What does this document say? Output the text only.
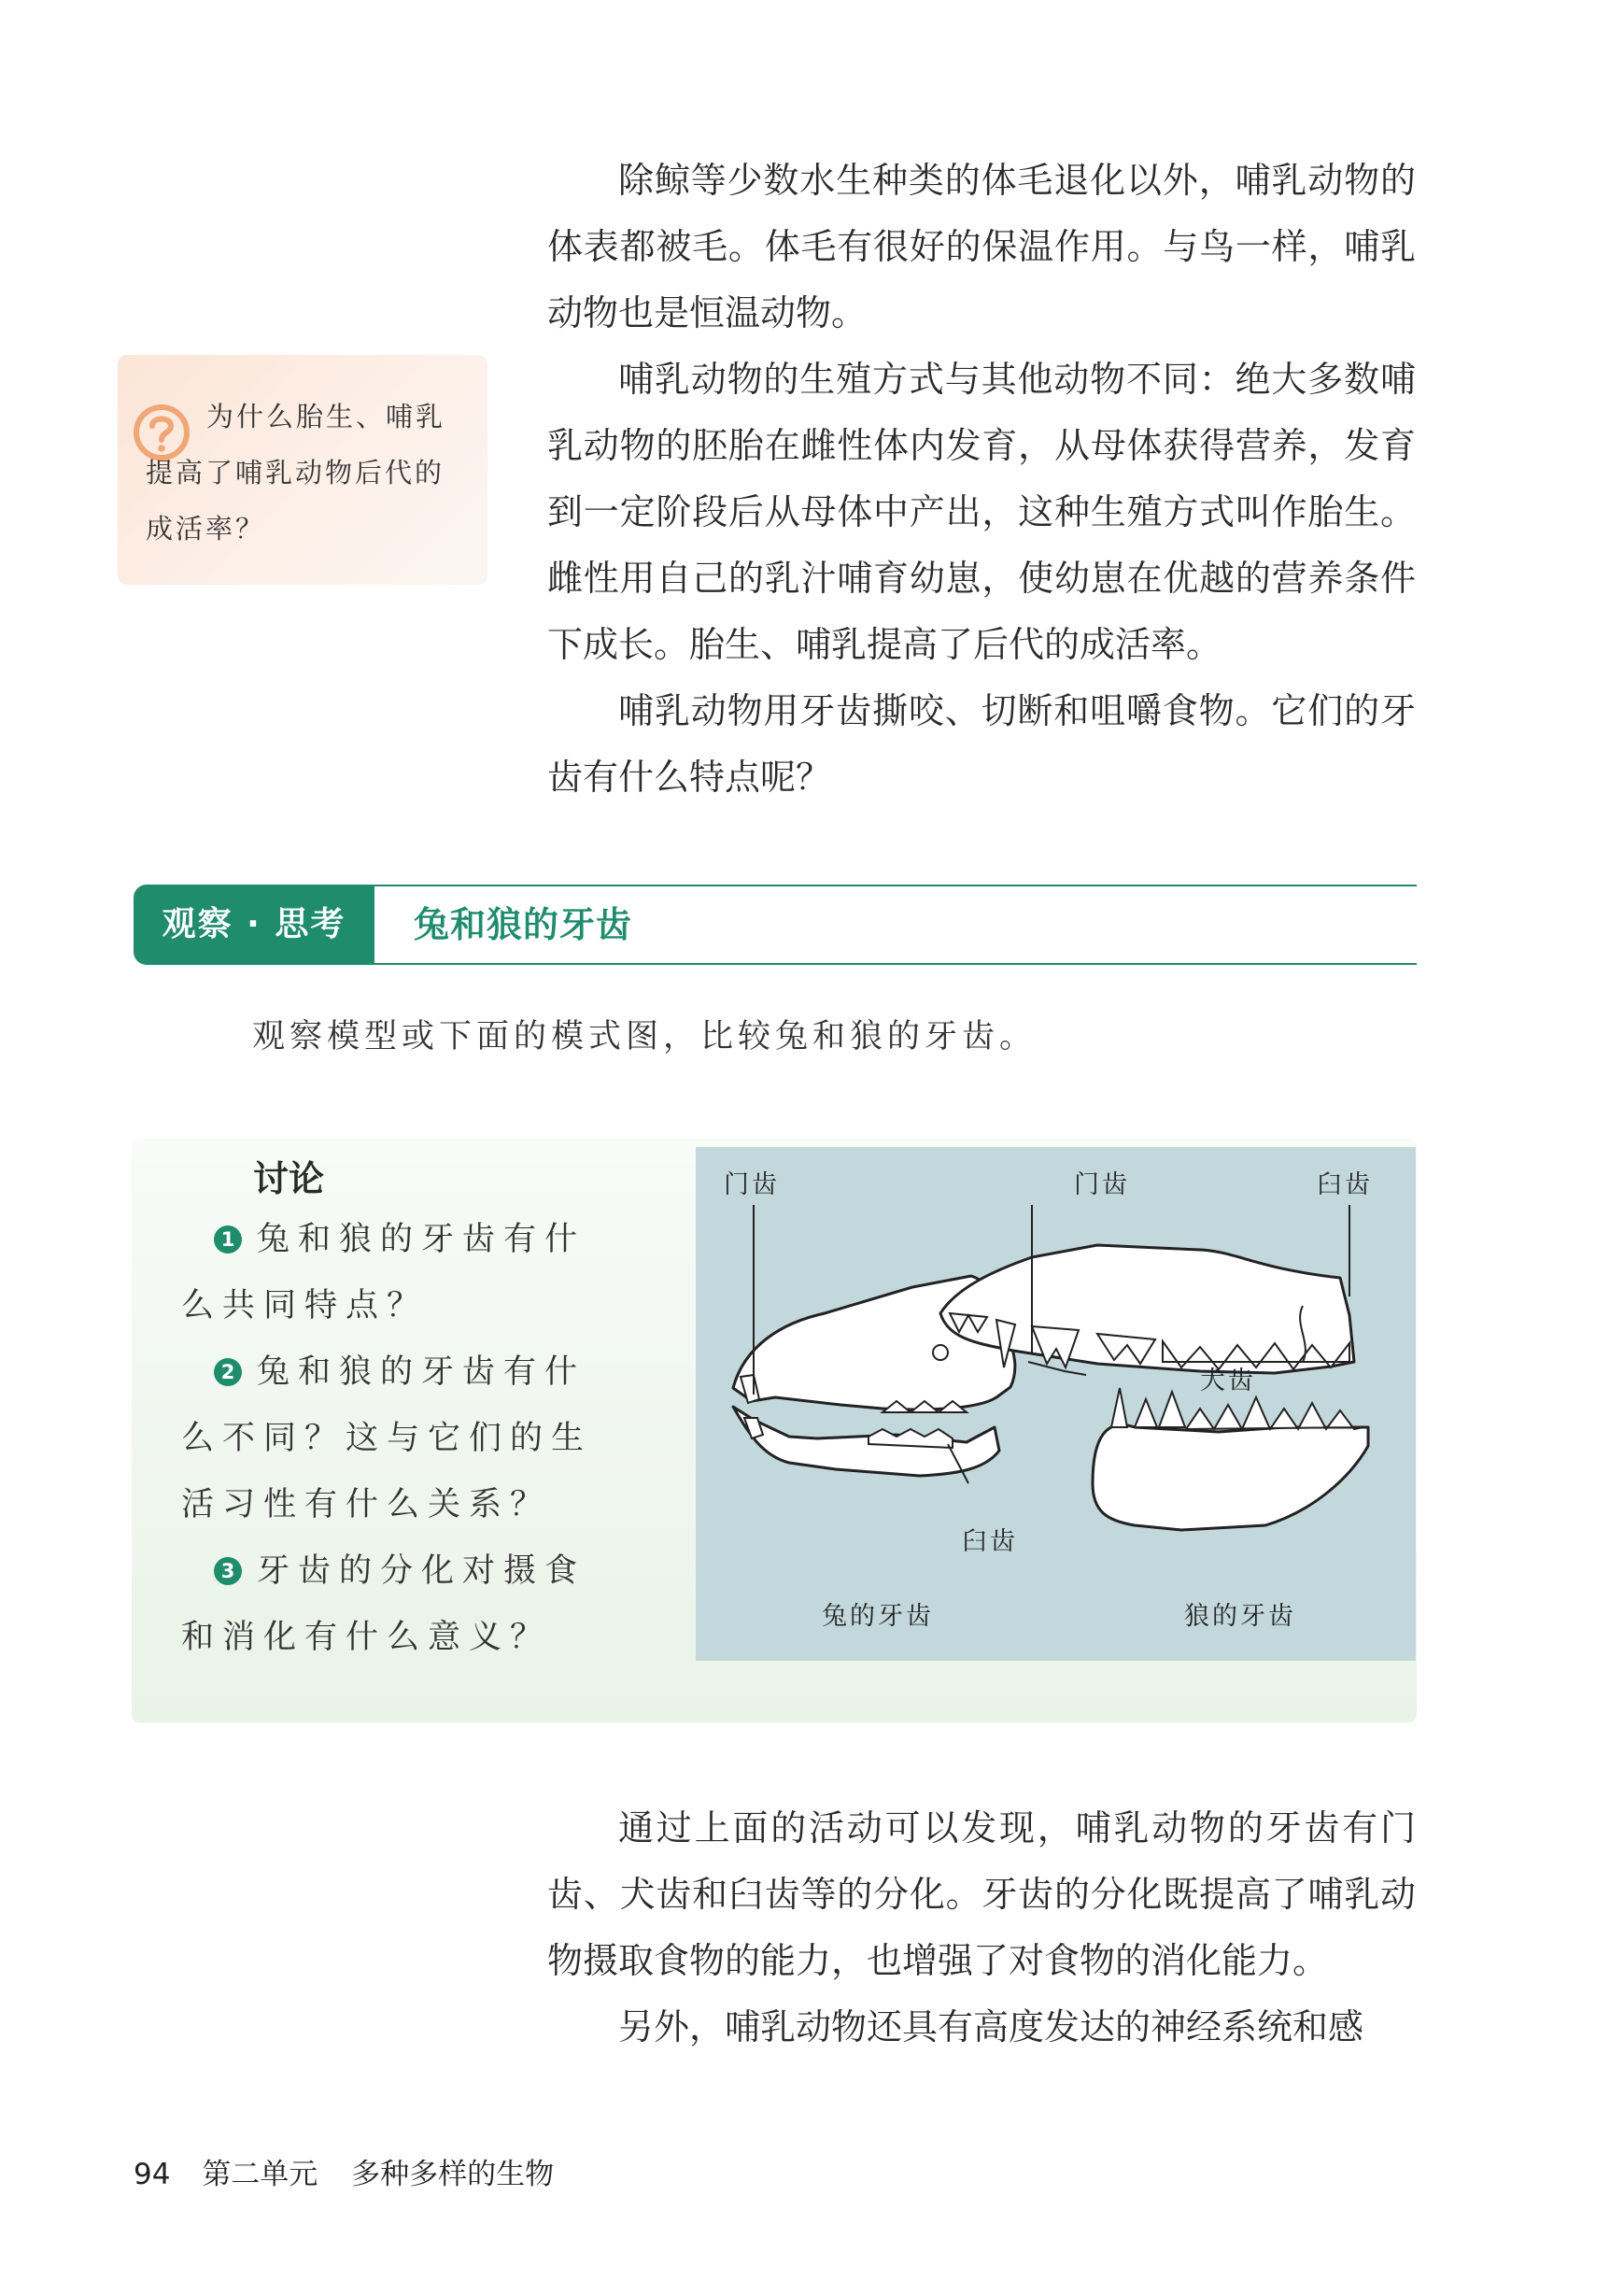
除鲸等少数水生种类的体毛退化以外，哺乳动物的体表都被毛。体毛有很好的保温作用。与鸟一样，哺乳动物也是恒温动物。

哺乳动物的生殖方式与其他动物不同：绝大多数哺乳动物的胚胎在雌性体内发育，从母体获得营养，发育到一定阶段后从母体中产出，这种生殖方式叫作胎生。雌性用自己的乳汁哺育幼崽，使幼崽在优越的营养条件下成长。胎生、哺乳提高了后代的成活率。

哺乳动物用牙齿撕咬、切断和咀嚼食物。它们的牙齿有什么特点呢？

为什么胎生、哺乳提高了哺乳动物后代的成活率？

观察 · 思考	兔和狼的牙齿

观察模型或下面的模式图，比较兔和狼的牙齿。

讨论

1 兔和狼的牙齿有什么共同特点？

2 兔和狼的牙齿有什么不同？这与它们的生活习性有什么关系？

3 牙齿的分化对摄食和消化有什么意义？

门齿
臼齿
兔的牙齿
门齿	臼齿
犬齿
狼的牙齿

通过上面的活动可以发现，哺乳动物的牙齿有门齿、犬齿和臼齿等的分化。牙齿的分化既提高了哺乳动物摄取食物的能力，也增强了对食物的消化能力。

另外，哺乳动物还具有高度发达的神经系统和感

94 第二单元 多种多样的生物
